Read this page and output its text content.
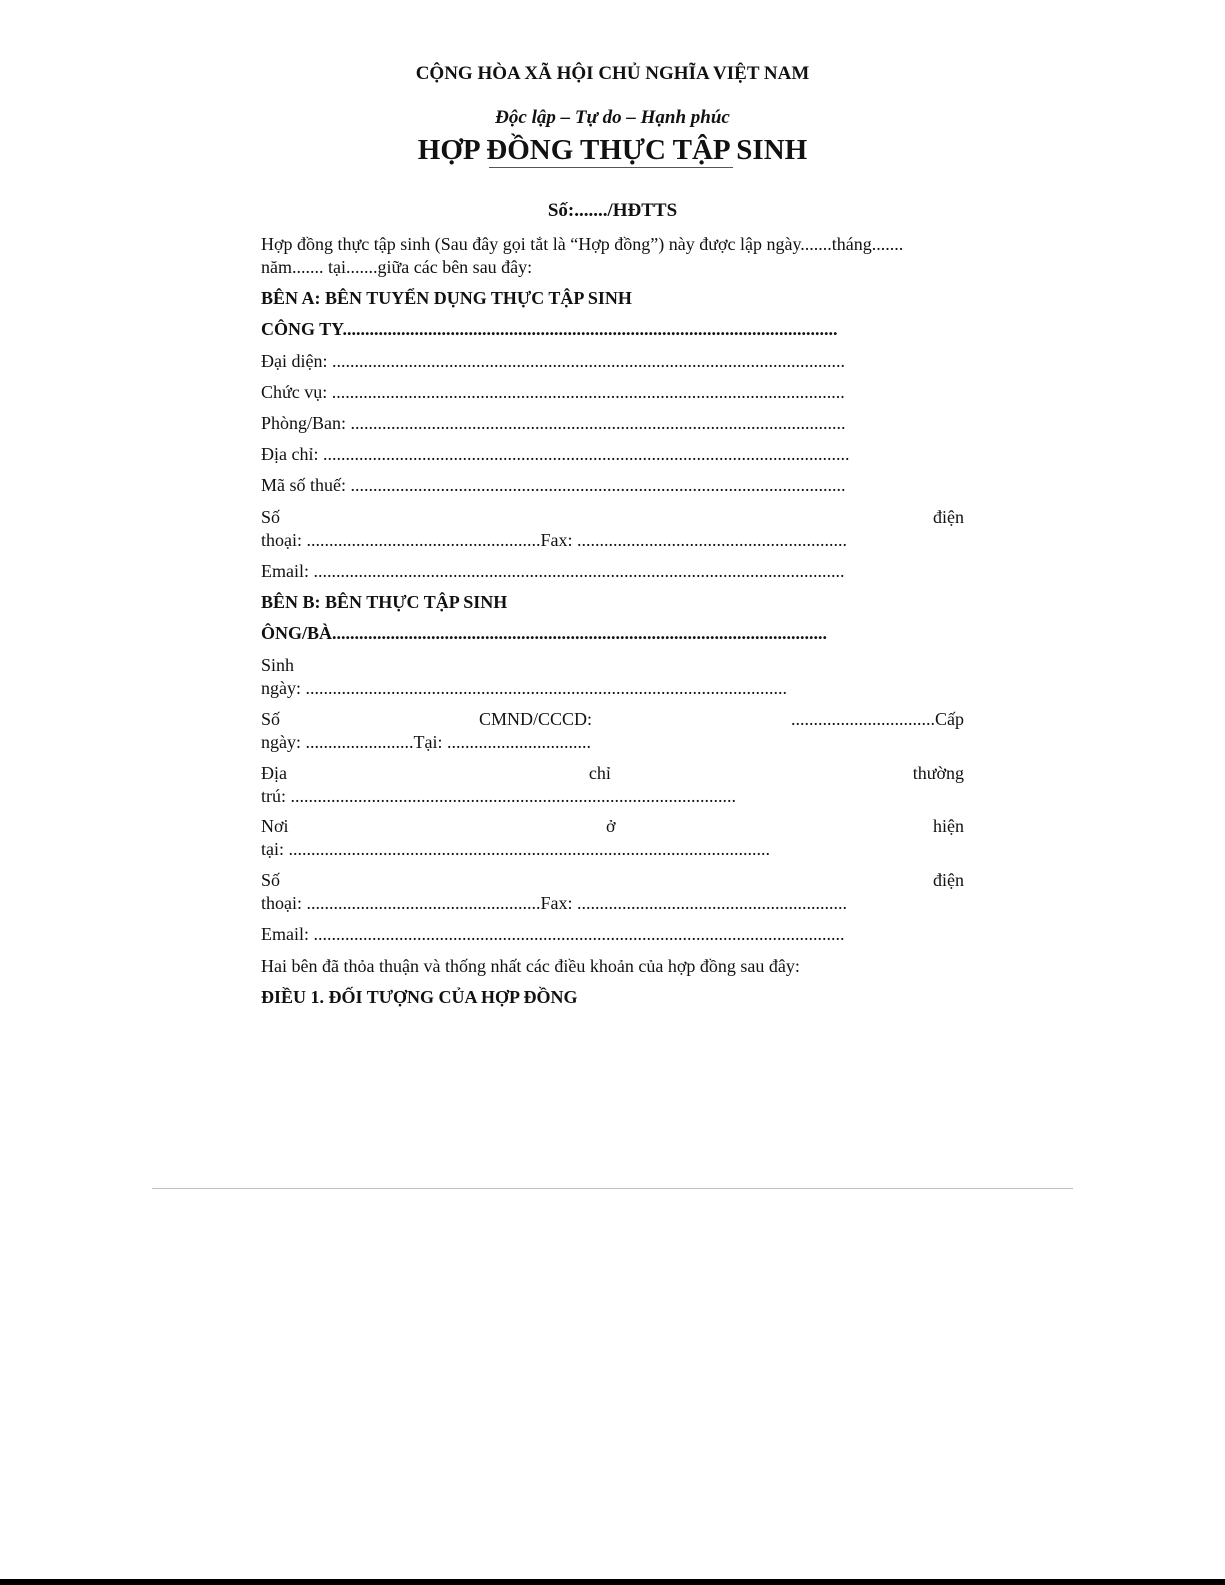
CỘNG HÒA XÃ HỘI CHỦ NGHĨA VIỆT NAM
Độc lập – Tự do – Hạnh phúc
HỢP ĐỒNG THỰC TẬP SINH
Số:......./HĐTTS
Hợp đồng thực tập sinh (Sau đây gọi tắt là “Hợp đồng”) này được lập ngày.......tháng.......
năm....... tại.......giữa các bên sau đây:
BÊN A: BÊN TUYỂN DỤNG THỰC TẬP SINH
CÔNG TY..............................................................................................................
Đại diện: ..................................................................................................................
Chức vụ: ..................................................................................................................
Phòng/Ban: ..............................................................................................................
Địa chỉ: .....................................................................................................................
Mã số thuế: ..............................................................................................................
Số	điện
thoại: ....................................................Fax: ............................................................
Email: ......................................................................................................................
BÊN B: BÊN THỰC TẬP SINH
ÔNG/BÀ..............................................................................................................
Sinh
ngày: ...........................................................................................................
Số	CMND/CCCD:	................................Cấp
ngày: ........................Tại: ................................
Địa	chỉ	thường
trú: ...................................................................................................
Nơi	ở	hiện
tại: ...........................................................................................................
Số	điện
thoại: ....................................................Fax: ............................................................
Email: ......................................................................................................................
Hai bên đã thỏa thuận và thống nhất các điều khoản của hợp đồng sau đây:
ĐIỀU 1. ĐỐI TƯỢNG CỦA HỢP ĐỒNG
